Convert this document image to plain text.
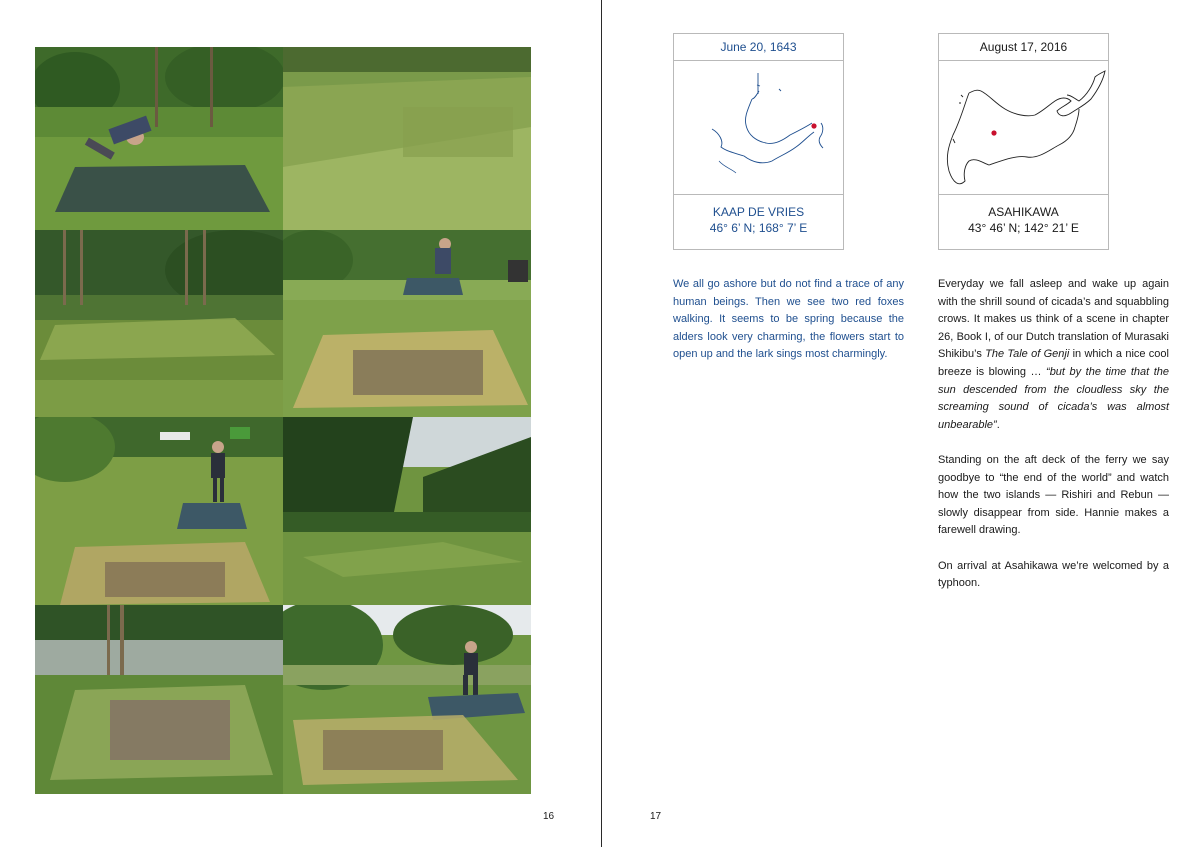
16
June 20, 1643
KAAP DE VRIES
46° 6’ N; 168° 7’ E
August 17, 2016
ASAHIKAWA
43° 46’ N; 142° 21’ E

We all go ashore but do not find a trace of any human beings. Then we see two red foxes walking. It seems to be spring because the alders look very charming, the flowers start to open up and the lark sings most charmingly.

Everyday we fall asleep and wake up again with the shrill sound of cicada’s and squabbling crows. It makes us think of a scene in chapter 26, Book I, of our Dutch translation of Murasaki Shikibu’s The Tale of Genji in which a nice cool breeze is blowing … “but by the time that the sun descended from the cloudless sky the screaming sound of cicada’s was almost unbearable”.

Standing on the aft deck of the ferry we say goodbye to “the end of the world” and watch how the two islands — Rishiri and Rebun — slowly disappear from side. Hannie makes a farewell drawing.

On arrival at Asahikawa we’re welcomed by a typhoon.

17
